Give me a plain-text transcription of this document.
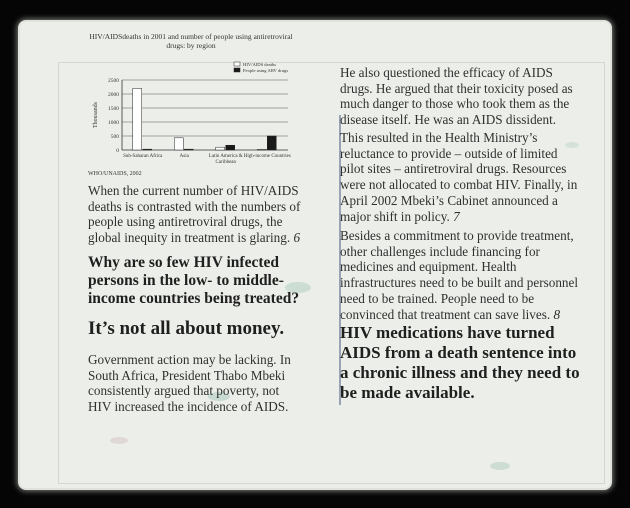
HIV/AIDSdeaths in 2001 and number of people using antiretroviral drugs: by region
0
500
1000
1500
2000
2500
Thousands
Sub-Saharan Africa	Asia	Latin America &
Caribbean
High-income Countries
HIV/AIDS deaths
People using ARV drugs
WHO/UNAIDS, 2002
When the current number of HIV/AIDS deaths is contrasted with the numbers of people using antiretroviral drugs, the global inequity in treatment is glaring. 6
Why are so few HIV infected persons in the low- to middle-income countries being treated?
It’s not all about money.
Government action may be lacking. In South Africa, President Thabo Mbeki consistently argued that poverty, not HIV increased the incidence of AIDS.
He also questioned the efficacy of AIDS drugs. He argued that their toxicity posed as much danger to those who took them as the disease itself. He was an AIDS dissident.
This resulted in the Health Ministry’s reluctance to provide – outside of limited pilot sites – antiretroviral drugs. Resources were not allocated to combat HIV. Finally, in April 2002 Mbeki’s Cabinet announced a major shift in policy. 7
Besides a commitment to provide treatment, other challenges include financing for medicines and equipment. Health infrastructures need to be built and personnel need to be trained. People need to be convinced that treatment can save lives. 8
HIV medications have turned AIDS from a death sentence into a chronic illness and they need to be made available.
